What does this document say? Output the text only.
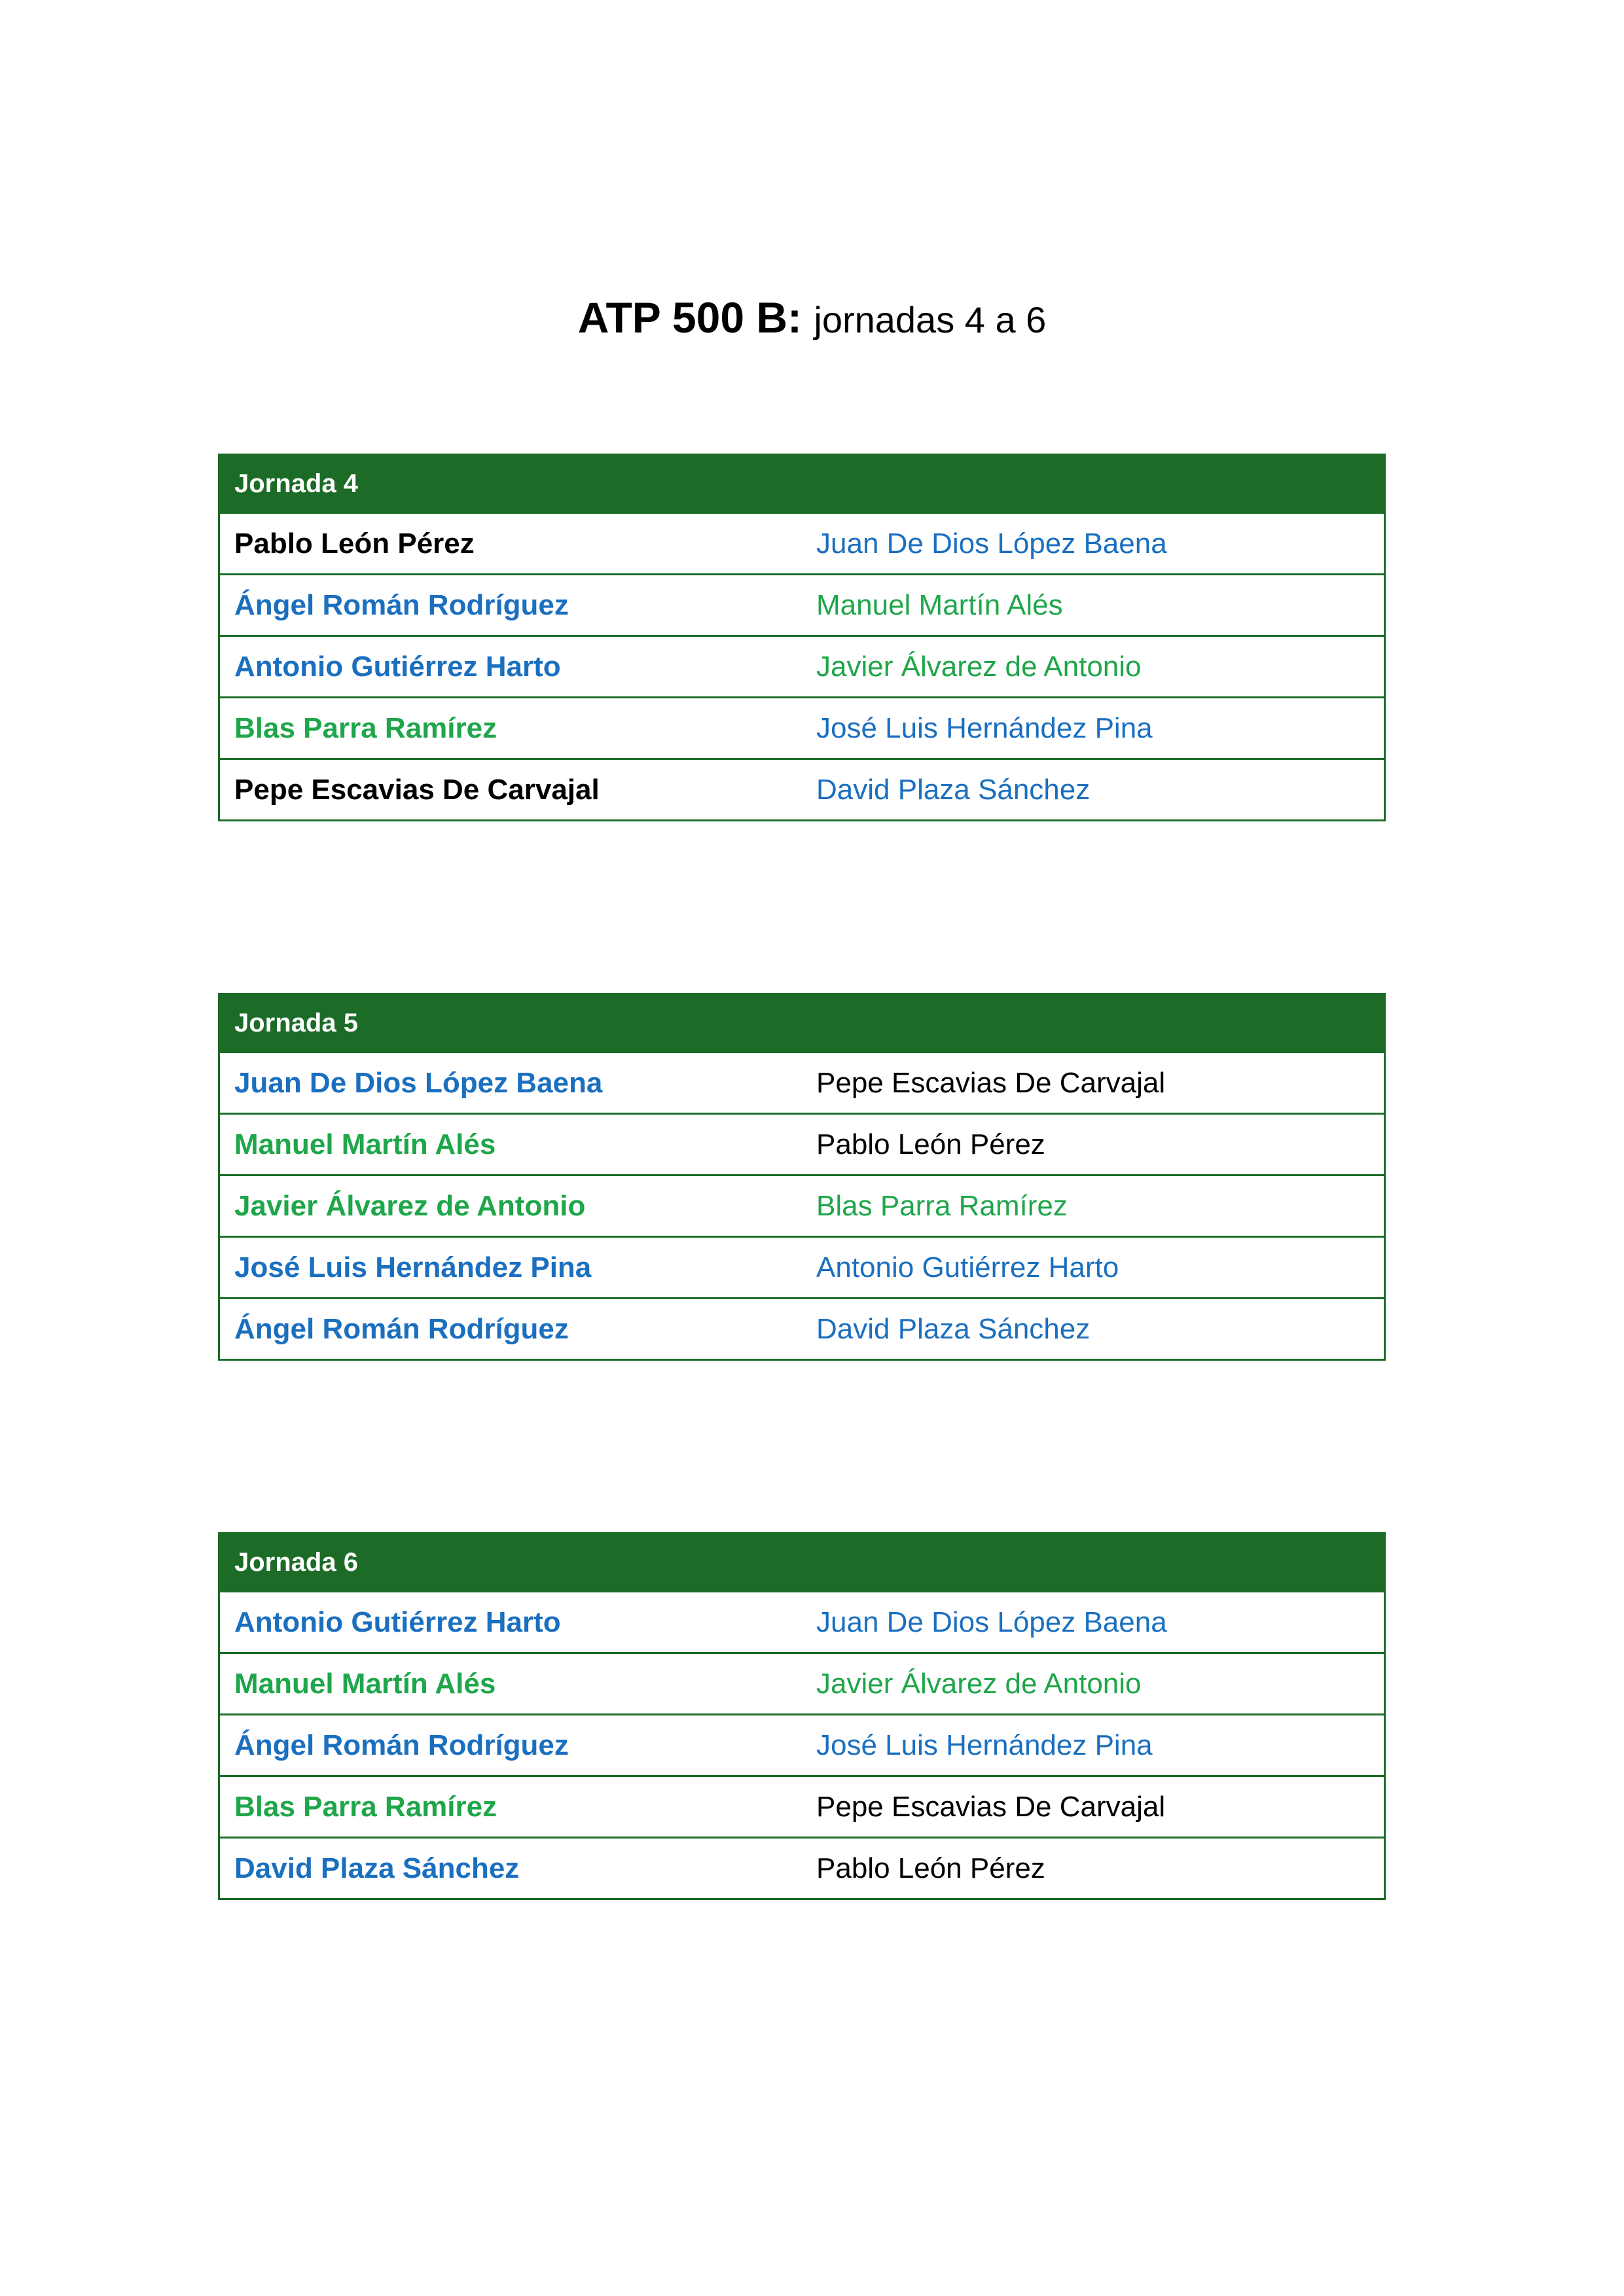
ATP 500 B: jornadas 4 a 6
Jornada 4	
Pablo León Pérez	Juan De Dios López Baena
Ángel Román Rodríguez	Manuel Martín Alés
Antonio Gutiérrez Harto	Javier Álvarez de Antonio
Blas Parra Ramírez	José Luis Hernández Pina
Pepe Escavias De Carvajal	David Plaza Sánchez
Jornada 5	
Juan De Dios López Baena	Pepe Escavias De Carvajal
Manuel Martín Alés	Pablo León Pérez
Javier Álvarez de Antonio	Blas Parra Ramírez
José Luis Hernández Pina	Antonio Gutiérrez Harto
Ángel Román Rodríguez	David Plaza Sánchez
Jornada 6	
Antonio Gutiérrez Harto	Juan De Dios López Baena
Manuel Martín Alés	Javier Álvarez de Antonio
Ángel Román Rodríguez	José Luis Hernández Pina
Blas Parra Ramírez	Pepe Escavias De Carvajal
David Plaza Sánchez	Pablo León Pérez
